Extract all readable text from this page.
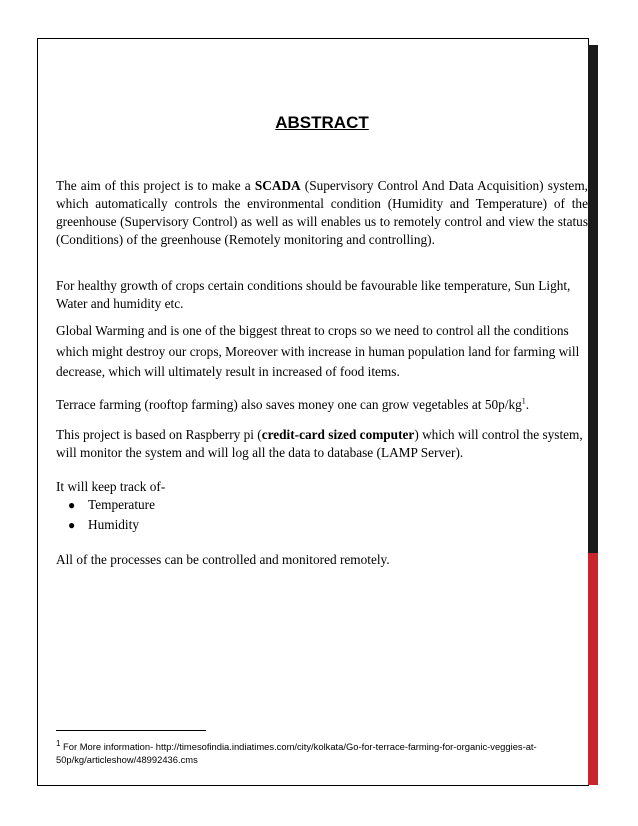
ABSTRACT

The aim of this project is to make a SCADA (Supervisory Control And Data Acquisition) system, which automatically controls the environmental condition (Humidity and Temperature) of the greenhouse (Supervisory Control) as well as will enables us to remotely control and view the status (Conditions) of the greenhouse (Remotely monitoring and controlling).

For healthy growth of crops certain conditions should be favourable like temperature, Sun Light, Water and humidity etc.

Global Warming and is one of the biggest threat to crops so we need to control all the conditions which might destroy our crops, Moreover with increase in human population land for farming will decrease, which will ultimately result in increased of food items.

Terrace farming (rooftop farming) also saves money one can grow vegetables at $50p/kg^1$.

This project is based on Raspberry pi (credit-card sized computer) which will control the system, will monitor the system and will log all the data to database (LAMP Server).

It will keep track of-

● Temperature
● Humidity

All of the processes can be controlled and monitored remotely.

$^1$ For More information- http://timesofindia.indiatimes.com/city/kolkata/Go-for-terrace-farming-for-organic-veggies-at-50p/kg/articleshow/48992436.cms
